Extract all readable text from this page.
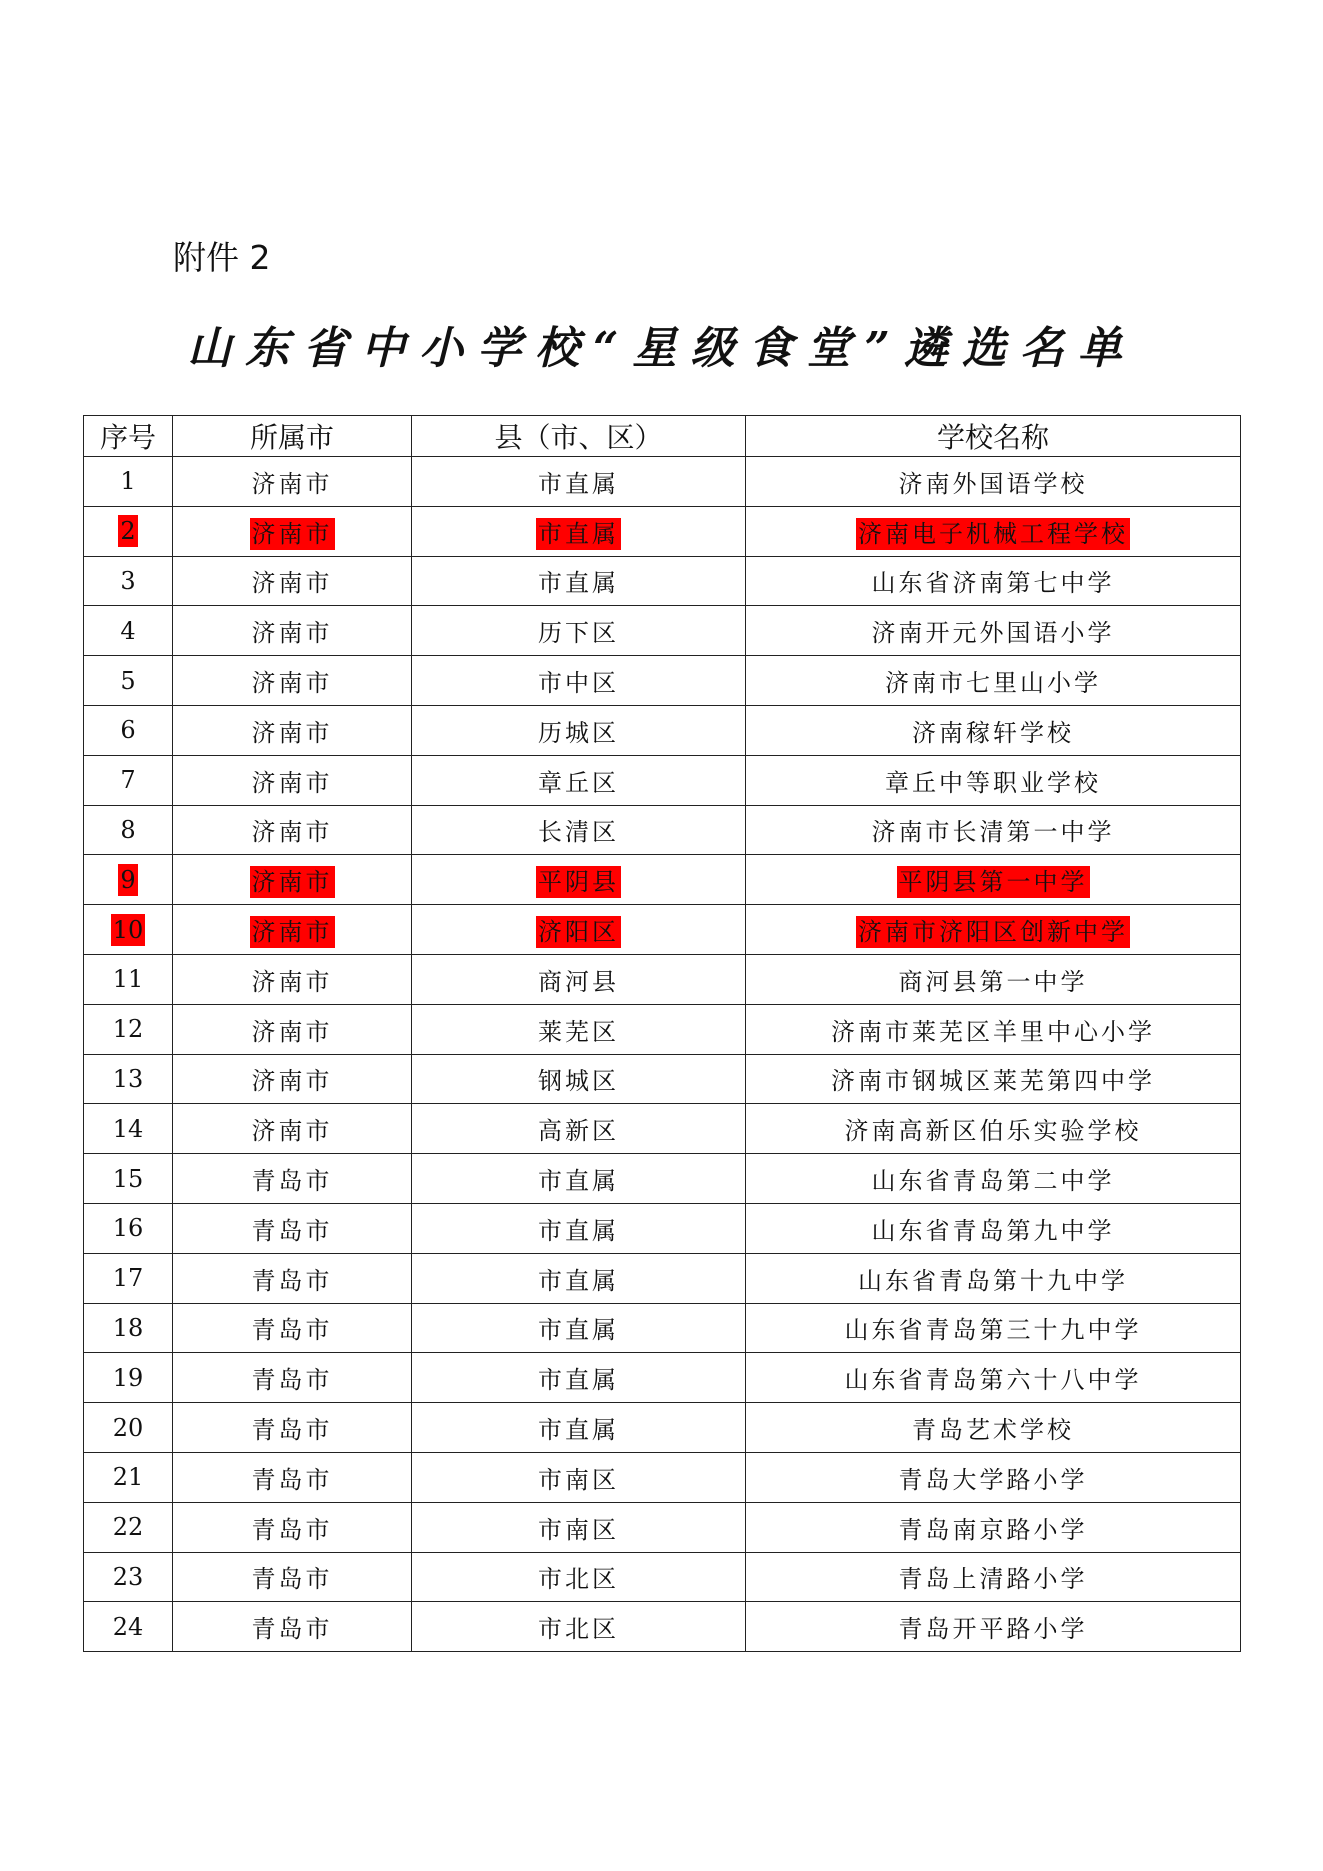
附件 2
山东省中小学校“星级食堂”遴选名单
序号	所属市	县（市、区）	学校名称
1	济南市	市直属	济南外国语学校
2	济南市	市直属	济南电子机械工程学校
3	济南市	市直属	山东省济南第七中学
4	济南市	历下区	济南开元外国语小学
5	济南市	市中区	济南市七里山小学
6	济南市	历城区	济南稼轩学校
7	济南市	章丘区	章丘中等职业学校
8	济南市	长清区	济南市长清第一中学
9	济南市	平阴县	平阴县第一中学
10	济南市	济阳区	济南市济阳区创新中学
11	济南市	商河县	商河县第一中学
12	济南市	莱芜区	济南市莱芜区羊里中心小学
13	济南市	钢城区	济南市钢城区莱芜第四中学
14	济南市	高新区	济南高新区伯乐实验学校
15	青岛市	市直属	山东省青岛第二中学
16	青岛市	市直属	山东省青岛第九中学
17	青岛市	市直属	山东省青岛第十九中学
18	青岛市	市直属	山东省青岛第三十九中学
19	青岛市	市直属	山东省青岛第六十八中学
20	青岛市	市直属	青岛艺术学校
21	青岛市	市南区	青岛大学路小学
22	青岛市	市南区	青岛南京路小学
23	青岛市	市北区	青岛上清路小学
24	青岛市	市北区	青岛开平路小学
